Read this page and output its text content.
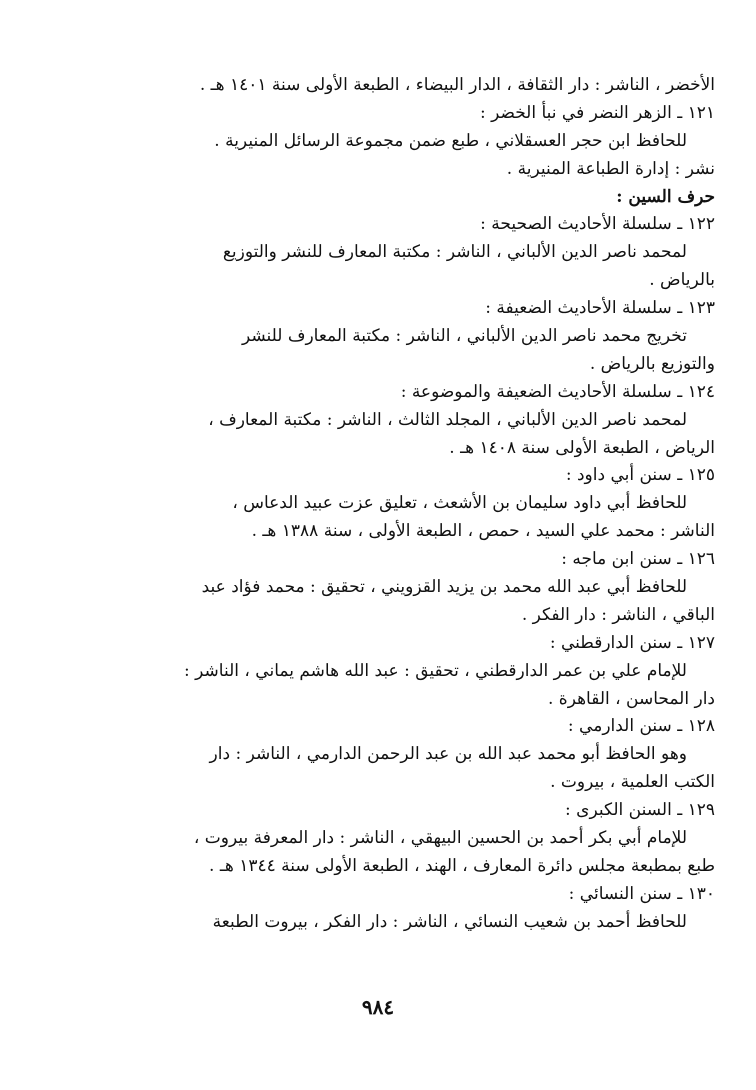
الأخضر ، الناشر : دار الثقافة ، الدار البيضاء ، الطبعة الأولى سنة ١٤٠١ هـ .
١٢١ ـ الزهر النضر في نبأ الخضر :
للحافظ ابن حجر العسقلاني ، طبع ضمن مجموعة الرسائل المنيرية .
نشر : إدارة الطباعة المنيرية .
حرف السين :
١٢٢ ـ سلسلة الأحاديث الصحيحة :
لمحمد ناصر الدين الألباني ، الناشر : مكتبة المعارف للنشر والتوزيع
بالرياض .
١٢٣ ـ سلسلة الأحاديث الضعيفة :
تخريج محمد ناصر الدين الألباني ، الناشر : مكتبة المعارف للنشر
والتوزيع بالرياض .
١٢٤ ـ سلسلة الأحاديث الضعيفة والموضوعة :
لمحمد ناصر الدين الألباني ، المجلد الثالث ، الناشر : مكتبة المعارف ،
الرياض ، الطبعة الأولى سنة ١٤٠٨ هـ .
١٢٥ ـ سنن أبي داود :
للحافظ أبي داود سليمان بن الأشعث ، تعليق عزت عبيد الدعاس ،
الناشر : محمد علي السيد ، حمص ، الطبعة الأولى ، سنة ١٣٨٨ هـ .
١٢٦ ـ سنن ابن ماجه :
للحافظ أبي عبد الله محمد بن يزيد القزويني ، تحقيق : محمد فؤاد عبد
الباقي ، الناشر : دار الفكر .
١٢٧ ـ سنن الدارقطني :
للإمام علي بن عمر الدارقطني ، تحقيق : عبد الله هاشم يماني ، الناشر :
دار المحاسن ، القاهرة .
١٢٨ ـ سنن الدارمي :
وهو الحافظ أبو محمد عبد الله بن عبد الرحمن الدارمي ، الناشر : دار
الكتب العلمية ، بيروت .
١٢٩ ـ السنن الكبرى :
للإمام أبي بكر أحمد بن الحسين البيهقي ، الناشر : دار المعرفة بيروت ،
طبع بمطبعة مجلس دائرة المعارف ، الهند ، الطبعة الأولى سنة ١٣٤٤ هـ .
١٣٠ ـ سنن النسائي :
للحافظ أحمد بن شعيب النسائي ، الناشر : دار الفكر ، بيروت الطبعة
٩٨٤
